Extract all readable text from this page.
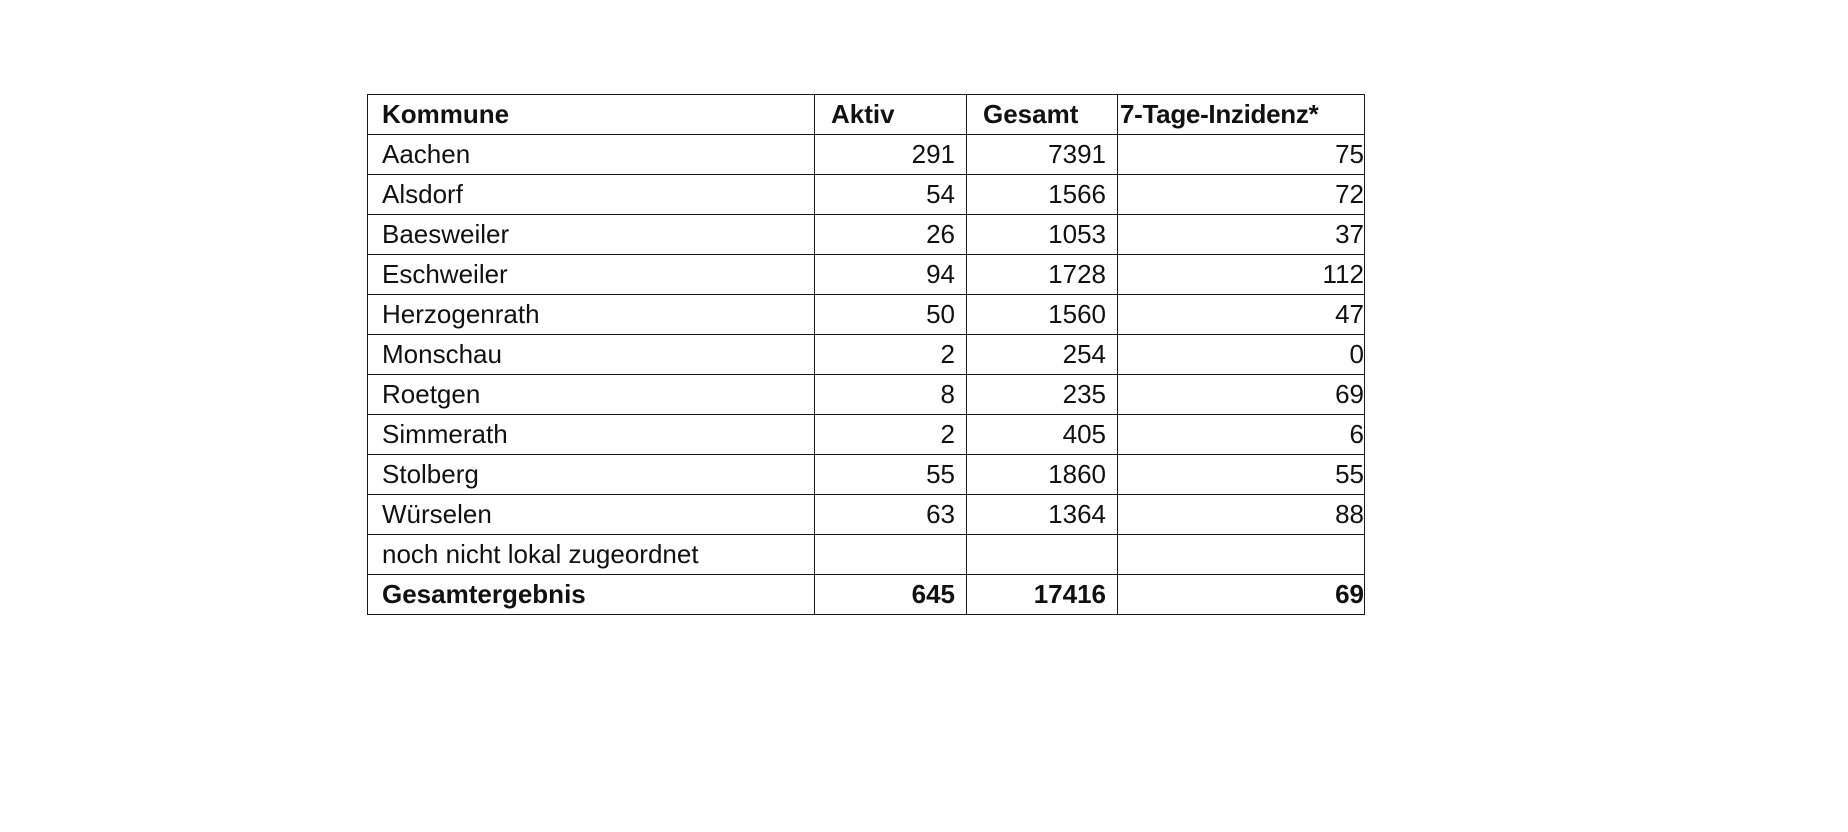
Kommune	Aktiv	Gesamt	7-Tage-Inzidenz*
Aachen	291	7391	75
Alsdorf	54	1566	72
Baesweiler	26	1053	37
Eschweiler	94	1728	112
Herzogenrath	50	1560	47
Monschau	2	254	0
Roetgen	8	235	69
Simmerath	2	405	6
Stolberg	55	1860	55
Würselen	63	1364	88
noch nicht lokal zugeordnet			
Gesamtergebnis	645	17416	69
